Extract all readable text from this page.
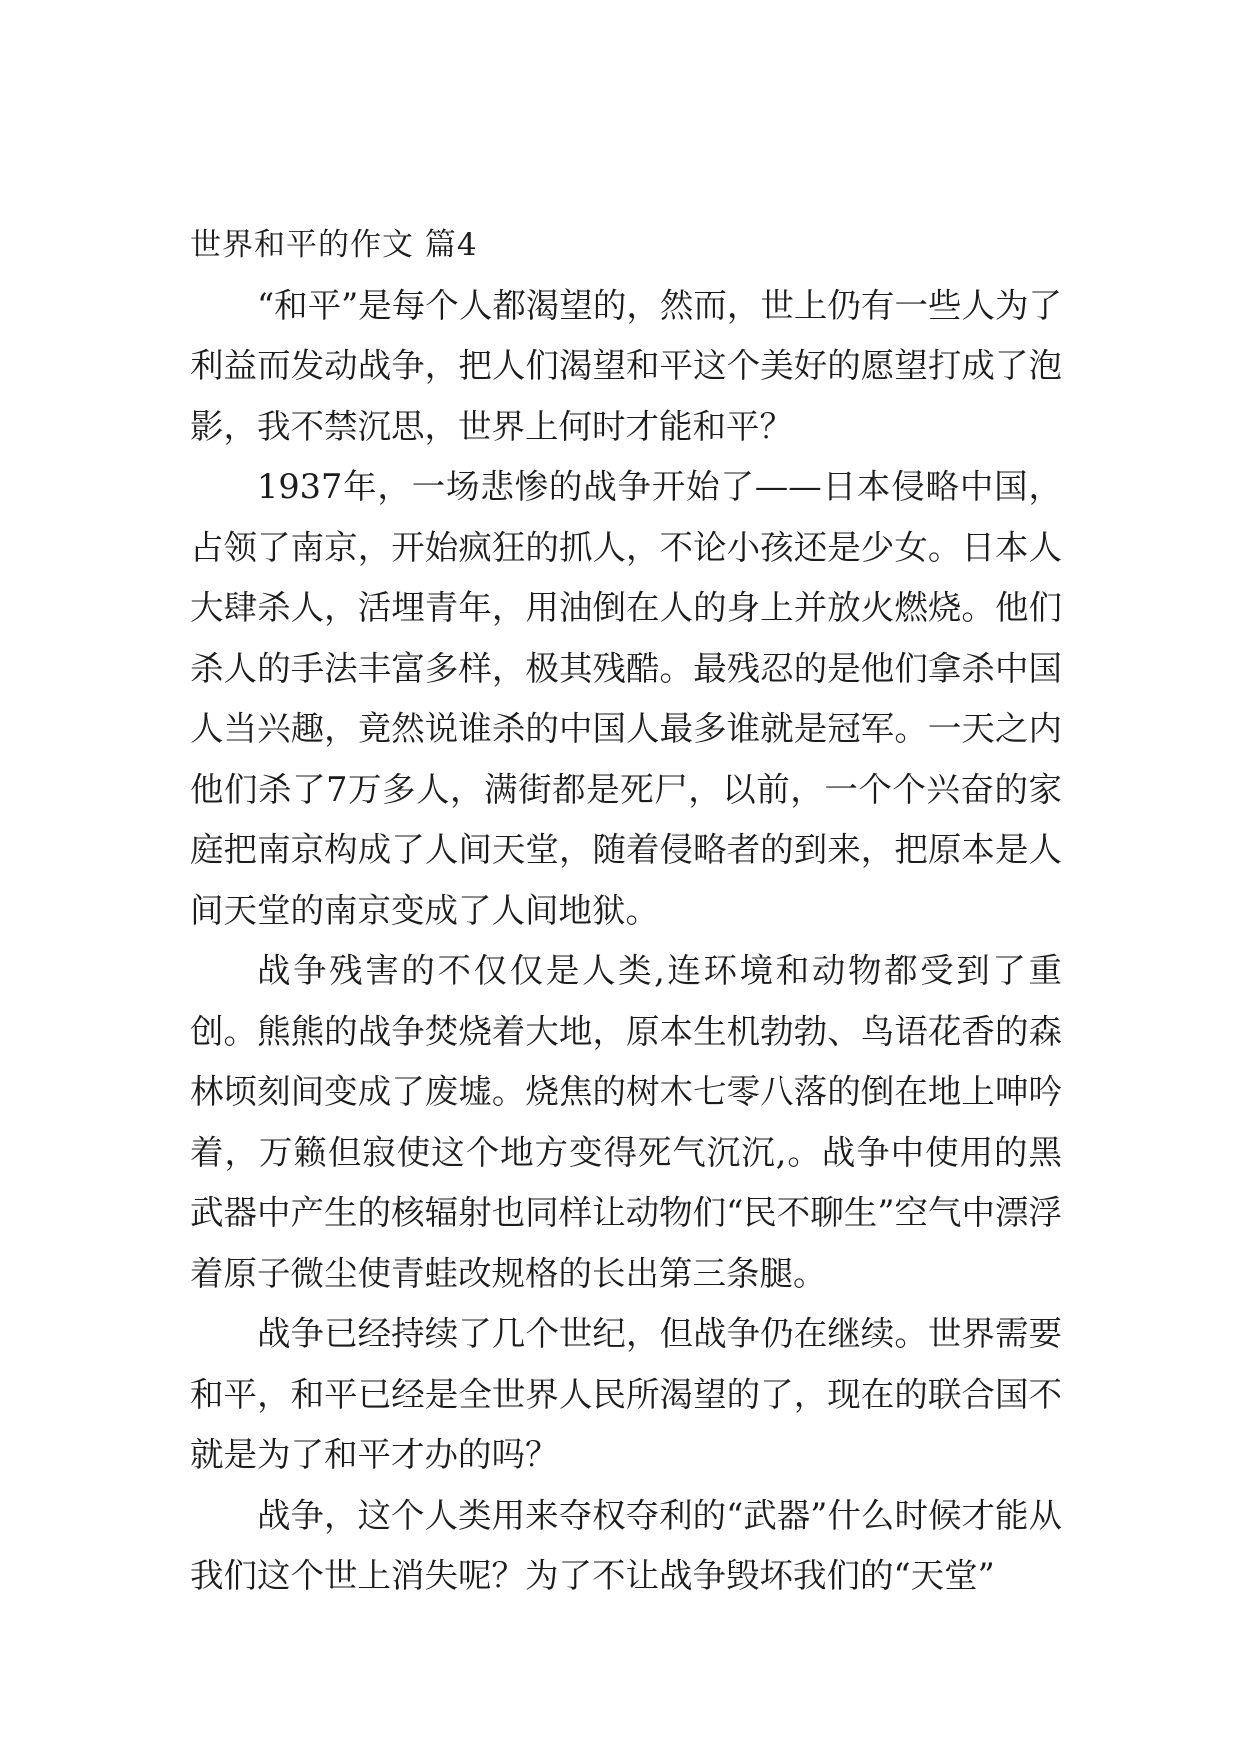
世界和平的作文 篇4

“和平”是每个人都渴望的，然而，世上仍有一些人为了利益而发动战争，把人们渴望和平这个美好的愿望打成了泡影，我不禁沉思，世界上何时才能和平？

1937年，一场悲惨的战争开始了——日本侵略中国，占领了南京，开始疯狂的抓人，不论小孩还是少女。日本人大肆杀人，活埋青年，用油倒在人的身上并放火燃烧。他们杀人的手法丰富多样，极其残酷。最残忍的是他们拿杀中国人当兴趣，竟然说谁杀的中国人最多谁就是冠军。一天之内他们杀了7万多人，满街都是死尸，以前，一个个兴奋的家庭把南京构成了人间天堂，随着侵略者的到来，把原本是人间天堂的南京变成了人间地狱。

战争残害的不仅仅是人类,连环境和动物都受到了重创。熊熊的战争焚烧着大地，原本生机勃勃、鸟语花香的森林顷刻间变成了废墟。烧焦的树木七零八落的倒在地上呻吟着，万籁但寂使这个地方变得死气沉沉,。战争中使用的黑武器中产生的核辐射也同样让动物们“民不聊生”空气中漂浮着原子微尘使青蛙改规格的长出第三条腿。

战争已经持续了几个世纪，但战争仍在继续。世界需要和平，和平已经是全世界人民所渴望的了，现在的联合国不就是为了和平才办的吗？

战争，这个人类用来夺权夺利的“武器”什么时候才能从我们这个世上消失呢？为了不让战争毁坏我们的“天堂”
